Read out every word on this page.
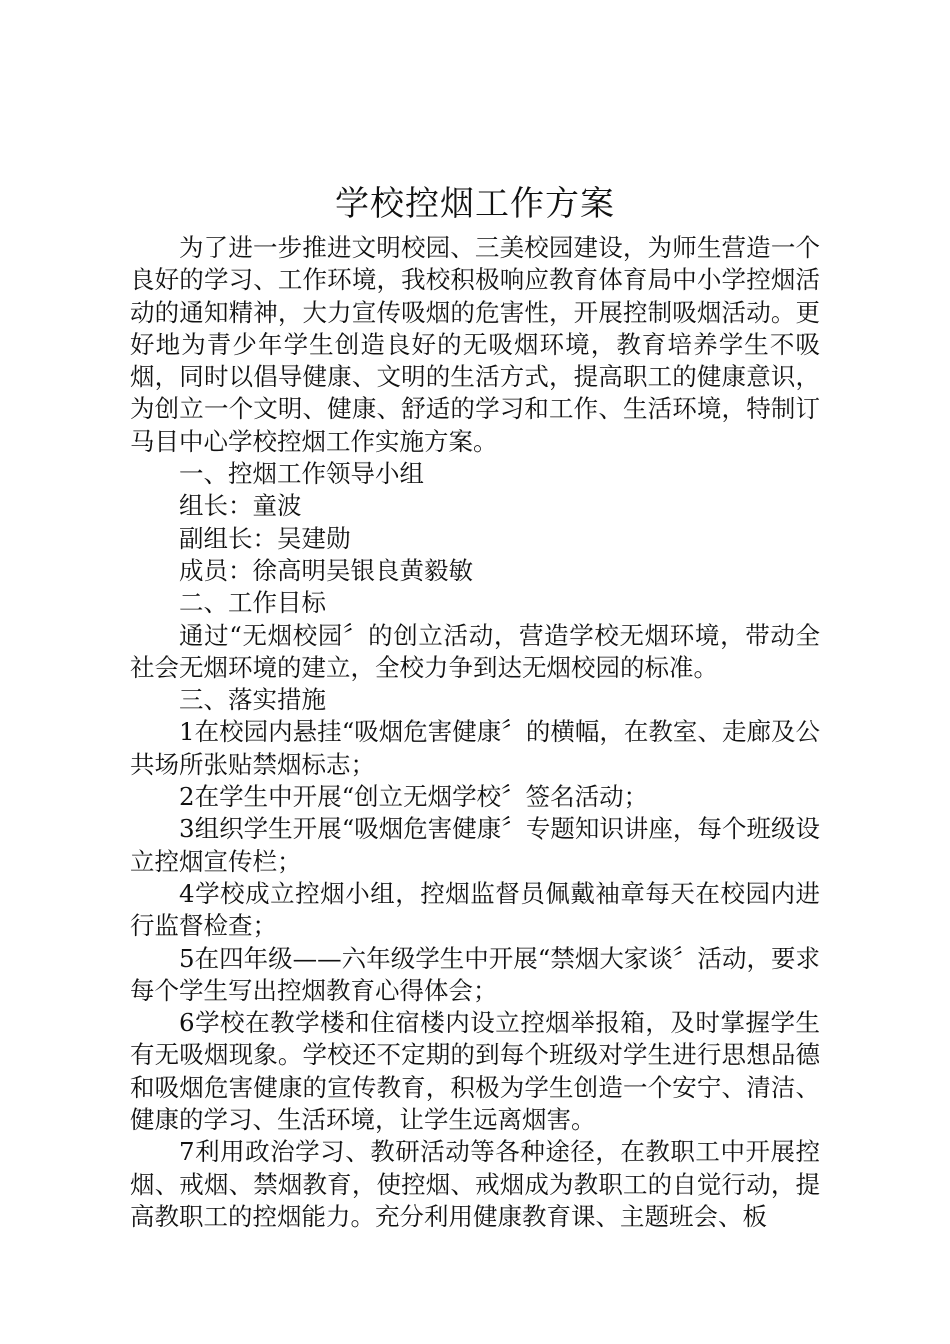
学校控烟工作方案

为了进一步推进文明校园、三美校园建设，为师生营造一个良好的学习、工作环境，我校积极响应教育体育局中小学控烟活动的通知精神，大力宣传吸烟的危害性，开展控制吸烟活动。更好地为青少年学生创造良好的无吸烟环境，教育培养学生不吸烟，同时以倡导健康、文明的生活方式，提高职工的健康意识，为创立一个文明、健康、舒适的学习和工作、生活环境，特制订马目中心学校控烟工作实施方案。

一、控烟工作领导小组

组长：童波

副组长：吴建勋

成员：徐高明吴银良黄毅敏

二、工作目标

通过“无烟校园〞的创立活动，营造学校无烟环境，带动全社会无烟环境的建立，全校力争到达无烟校园的标准。

三、落实措施

1在校园内悬挂“吸烟危害健康〞的横幅，在教室、走廊及公共场所张贴禁烟标志；

2在学生中开展“创立无烟学校〞签名活动；

3组织学生开展“吸烟危害健康〞专题知识讲座，每个班级设立控烟宣传栏；

4学校成立控烟小组，控烟监督员佩戴袖章每天在校园内进行监督检查；

5在四年级——六年级学生中开展“禁烟大家谈〞活动，要求每个学生写出控烟教育心得体会；

6学校在教学楼和住宿楼内设立控烟举报箱，及时掌握学生有无吸烟现象。学校还不定期的到每个班级对学生进行思想品德和吸烟危害健康的宣传教育，积极为学生创造一个安宁、清洁、健康的学习、生活环境，让学生远离烟害。

7利用政治学习、教研活动等各种途径，在教职工中开展控烟、戒烟、禁烟教育，使控烟、戒烟成为教职工的自觉行动，提高教职工的控烟能力。充分利用健康教育课、主题班会、板
